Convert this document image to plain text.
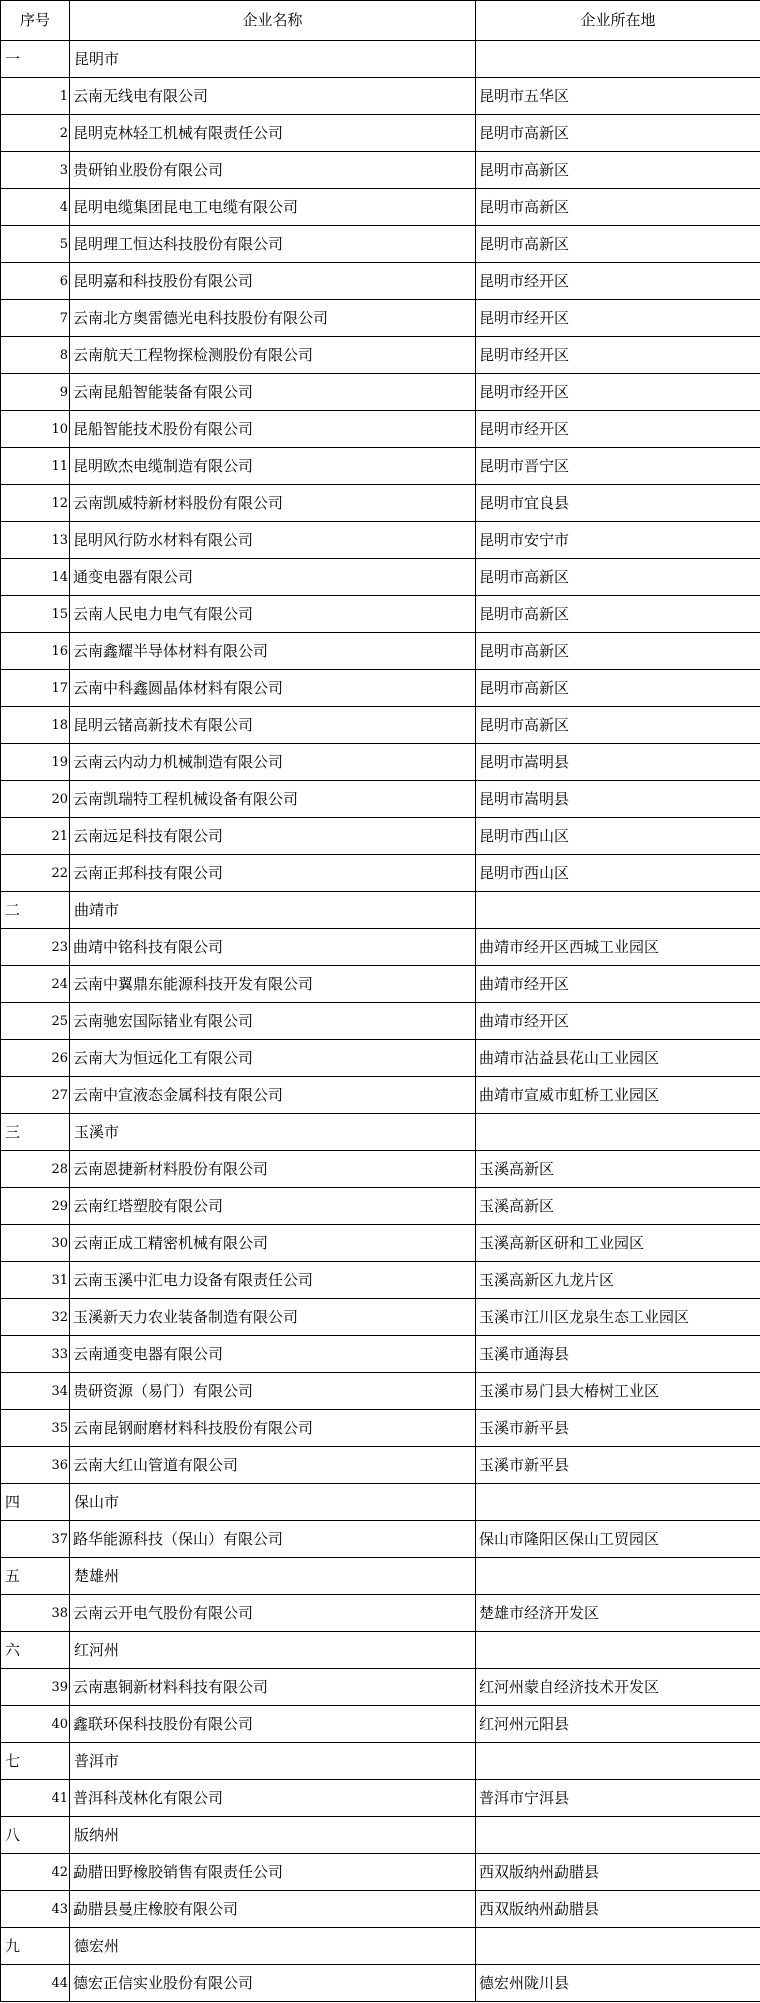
序号	企业名称	企业所在地
一	昆明市	
1	云南无线电有限公司	昆明市五华区
2	昆明克林轻工机械有限责任公司	昆明市高新区
3	贵研铂业股份有限公司	昆明市高新区
4	昆明电缆集团昆电工电缆有限公司	昆明市高新区
5	昆明理工恒达科技股份有限公司	昆明市高新区
6	昆明嘉和科技股份有限公司	昆明市经开区
7	云南北方奥雷德光电科技股份有限公司	昆明市经开区
8	云南航天工程物探检测股份有限公司	昆明市经开区
9	云南昆船智能装备有限公司	昆明市经开区
10	昆船智能技术股份有限公司	昆明市经开区
11	昆明欧杰电缆制造有限公司	昆明市晋宁区
12	云南凯威特新材料股份有限公司	昆明市宜良县
13	昆明风行防水材料有限公司	昆明市安宁市
14	通变电器有限公司	昆明市高新区
15	云南人民电力电气有限公司	昆明市高新区
16	云南鑫耀半导体材料有限公司	昆明市高新区
17	云南中科鑫圆晶体材料有限公司	昆明市高新区
18	昆明云锗高新技术有限公司	昆明市高新区
19	云南云内动力机械制造有限公司	昆明市嵩明县
20	云南凯瑞特工程机械设备有限公司	昆明市嵩明县
21	云南远足科技有限公司	昆明市西山区
22	云南正邦科技有限公司	昆明市西山区
二	曲靖市	
23	曲靖中铭科技有限公司	曲靖市经开区西城工业园区
24	云南中翼鼎东能源科技开发有限公司	曲靖市经开区
25	云南驰宏国际锗业有限公司	曲靖市经开区
26	云南大为恒远化工有限公司	曲靖市沾益县花山工业园区
27	云南中宣液态金属科技有限公司	曲靖市宣威市虹桥工业园区
三	玉溪市	
28	云南恩捷新材料股份有限公司	玉溪高新区
29	云南红塔塑胶有限公司	玉溪高新区
30	云南正成工精密机械有限公司	玉溪高新区研和工业园区
31	云南玉溪中汇电力设备有限责任公司	玉溪高新区九龙片区
32	玉溪新天力农业装备制造有限公司	玉溪市江川区龙泉生态工业园区
33	云南通变电器有限公司	玉溪市通海县
34	贵研资源（易门）有限公司	玉溪市易门县大椿树工业区
35	云南昆钢耐磨材料科技股份有限公司	玉溪市新平县
36	云南大红山管道有限公司	玉溪市新平县
四	保山市	
37	路华能源科技（保山）有限公司	保山市隆阳区保山工贸园区
五	楚雄州	
38	云南云开电气股份有限公司	楚雄市经济开发区
六	红河州	
39	云南惠铜新材料科技有限公司	红河州蒙自经济技术开发区
40	鑫联环保科技股份有限公司	红河州元阳县
七	普洱市	
41	普洱科茂林化有限公司	普洱市宁洱县
八	版纳州	
42	勐腊田野橡胶销售有限责任公司	西双版纳州勐腊县
43	勐腊县曼庄橡胶有限公司	西双版纳州勐腊县
九	德宏州	
44	德宏正信实业股份有限公司	德宏州陇川县
